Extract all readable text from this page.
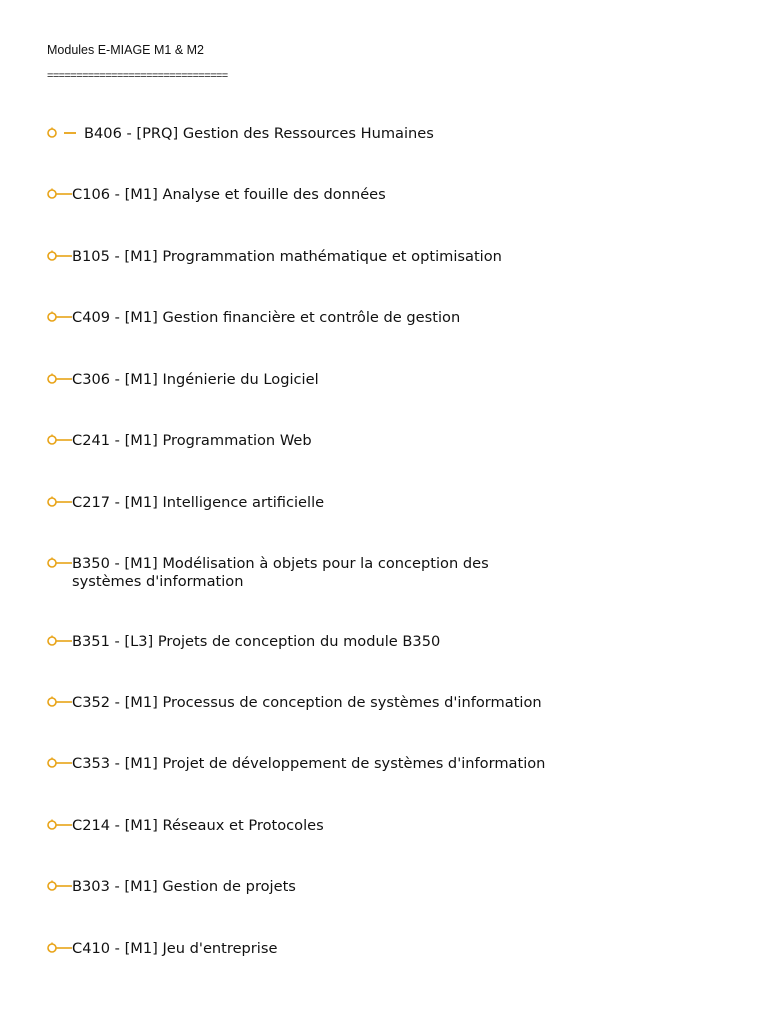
Modules E-MIAGE M1 & M2
===============================
B406 - [PRQ] Gestion des Ressources Humaines
C106 - [M1] Analyse et fouille des données
B105 - [M1] Programmation mathématique et optimisation
C409 - [M1] Gestion financière et contrôle de gestion
C306 - [M1] Ingénierie du Logiciel
C241 - [M1] Programmation Web
C217 - [M1] Intelligence artificielle
B350 - [M1] Modélisation à objets pour la conception des systèmes d'information
B351 - [L3] Projets de conception du module B350
C352 - [M1] Processus de conception de systèmes d'information
C353 - [M1] Projet de développement de systèmes d'information
C214 - [M1] Réseaux et Protocoles
B303 - [M1] Gestion de projets
C410 - [M1] Jeu d'entreprise
